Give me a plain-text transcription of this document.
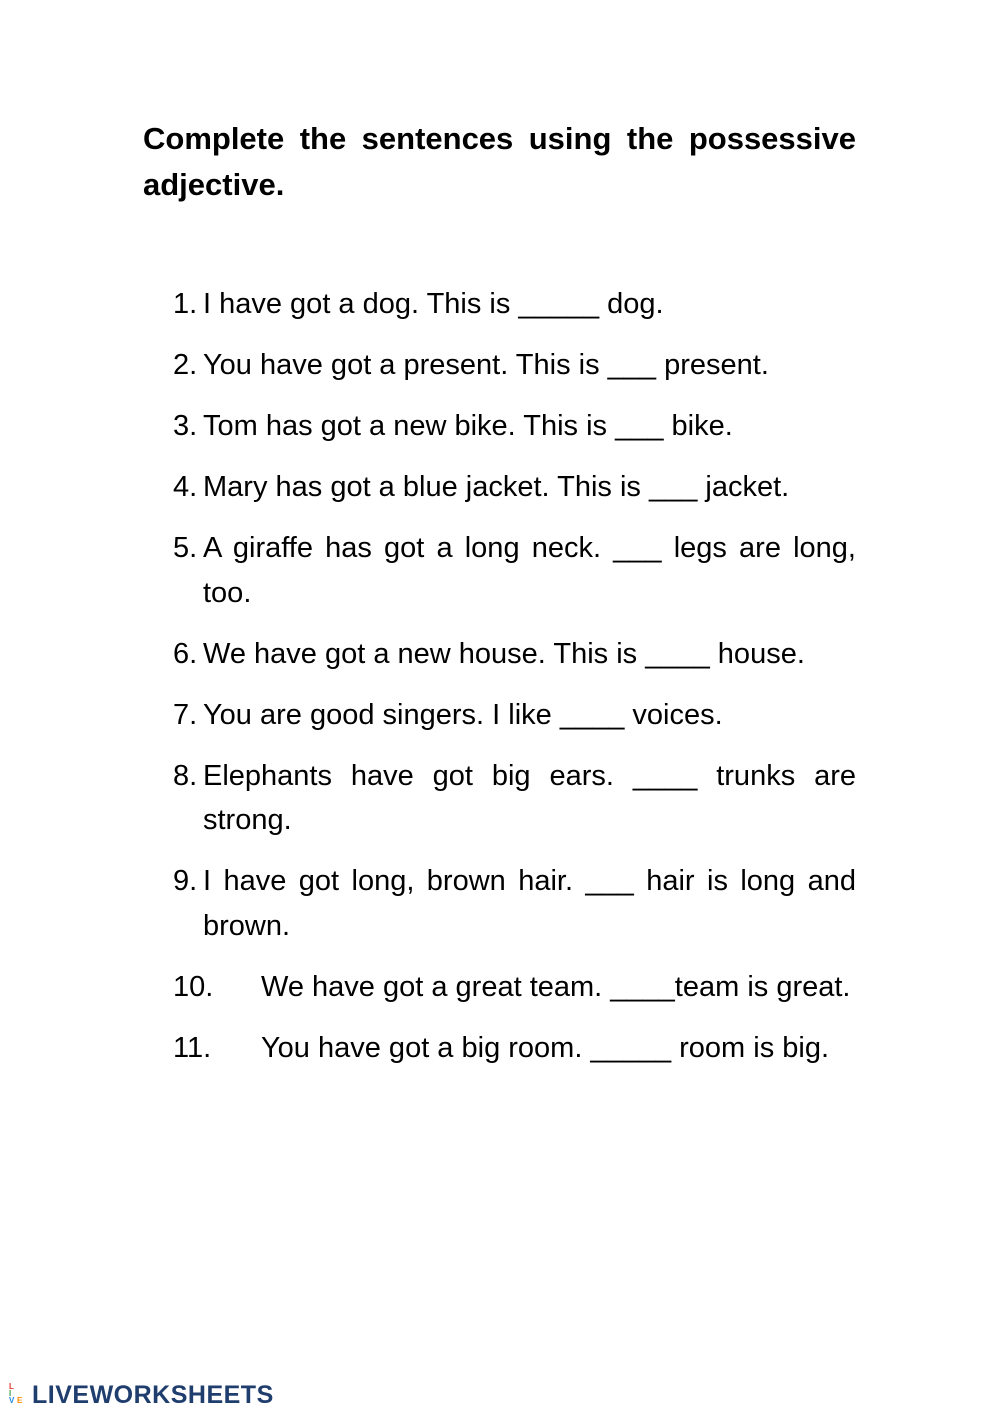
Complete the sentences using the possessive adjective.
1. I have got a dog. This is _____ dog.
2. You have got a present. This is ___ present.
3. Tom has got a new bike. This is ___ bike.
4. Mary has got a blue jacket. This is ___ jacket.
5. A giraffe has got a long neck. ___ legs are long, too.
6. We have got a new house. This is ____ house.
7. You are good singers. I like ____ voices.
8. Elephants have got big ears. ____ trunks are strong.
9. I have got long, brown hair. ___ hair is long and brown.
10.	We have got a great team. ____team is great.
11.	You have got a big room. _____ room is big.
L
I
V E LIVEWORKSHEETS
